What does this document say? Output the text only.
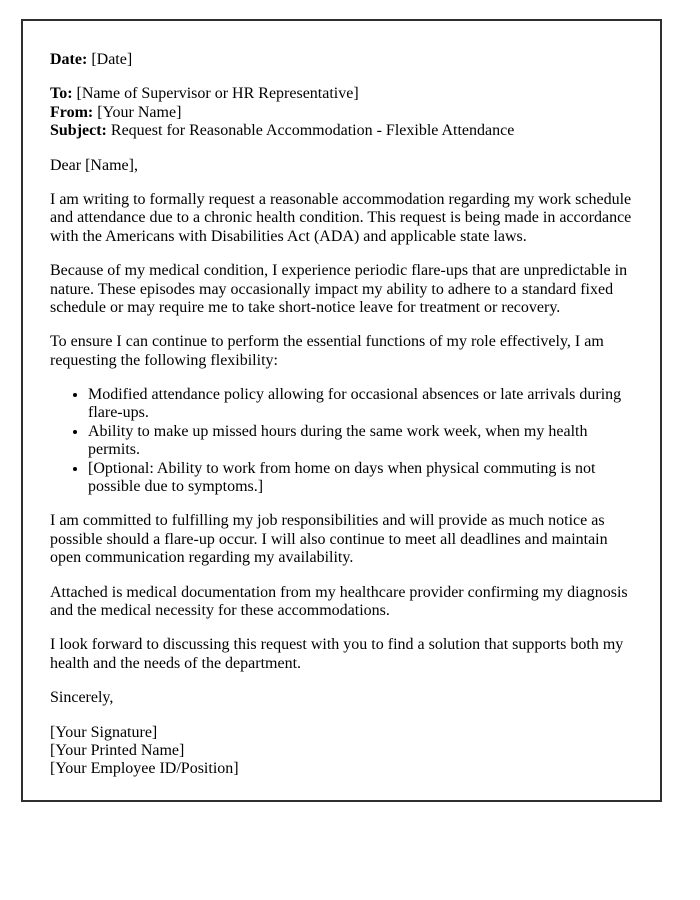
Date: [Date]

To: [Name of Supervisor or HR Representative]
From: [Your Name]
Subject: Request for Reasonable Accommodation - Flexible Attendance

Dear [Name],

I am writing to formally request a reasonable accommodation regarding my work schedule and attendance due to a chronic health condition. This request is being made in accordance with the Americans with Disabilities Act (ADA) and applicable state laws.

Because of my medical condition, I experience periodic flare-ups that are unpredictable in nature. These episodes may occasionally impact my ability to adhere to a standard fixed schedule or may require me to take short-notice leave for treatment or recovery.

To ensure I can continue to perform the essential functions of my role effectively, I am requesting the following flexibility:

• Modified attendance policy allowing for occasional absences or late arrivals during flare-ups.
• Ability to make up missed hours during the same work week, when my health permits.
• [Optional: Ability to work from home on days when physical commuting is not possible due to symptoms.]

I am committed to fulfilling my job responsibilities and will provide as much notice as possible should a flare-up occur. I will also continue to meet all deadlines and maintain open communication regarding my availability.

Attached is medical documentation from my healthcare provider confirming my diagnosis and the medical necessity for these accommodations.

I look forward to discussing this request with you to find a solution that supports both my health and the needs of the department.

Sincerely,

[Your Signature]
[Your Printed Name]
[Your Employee ID/Position]
